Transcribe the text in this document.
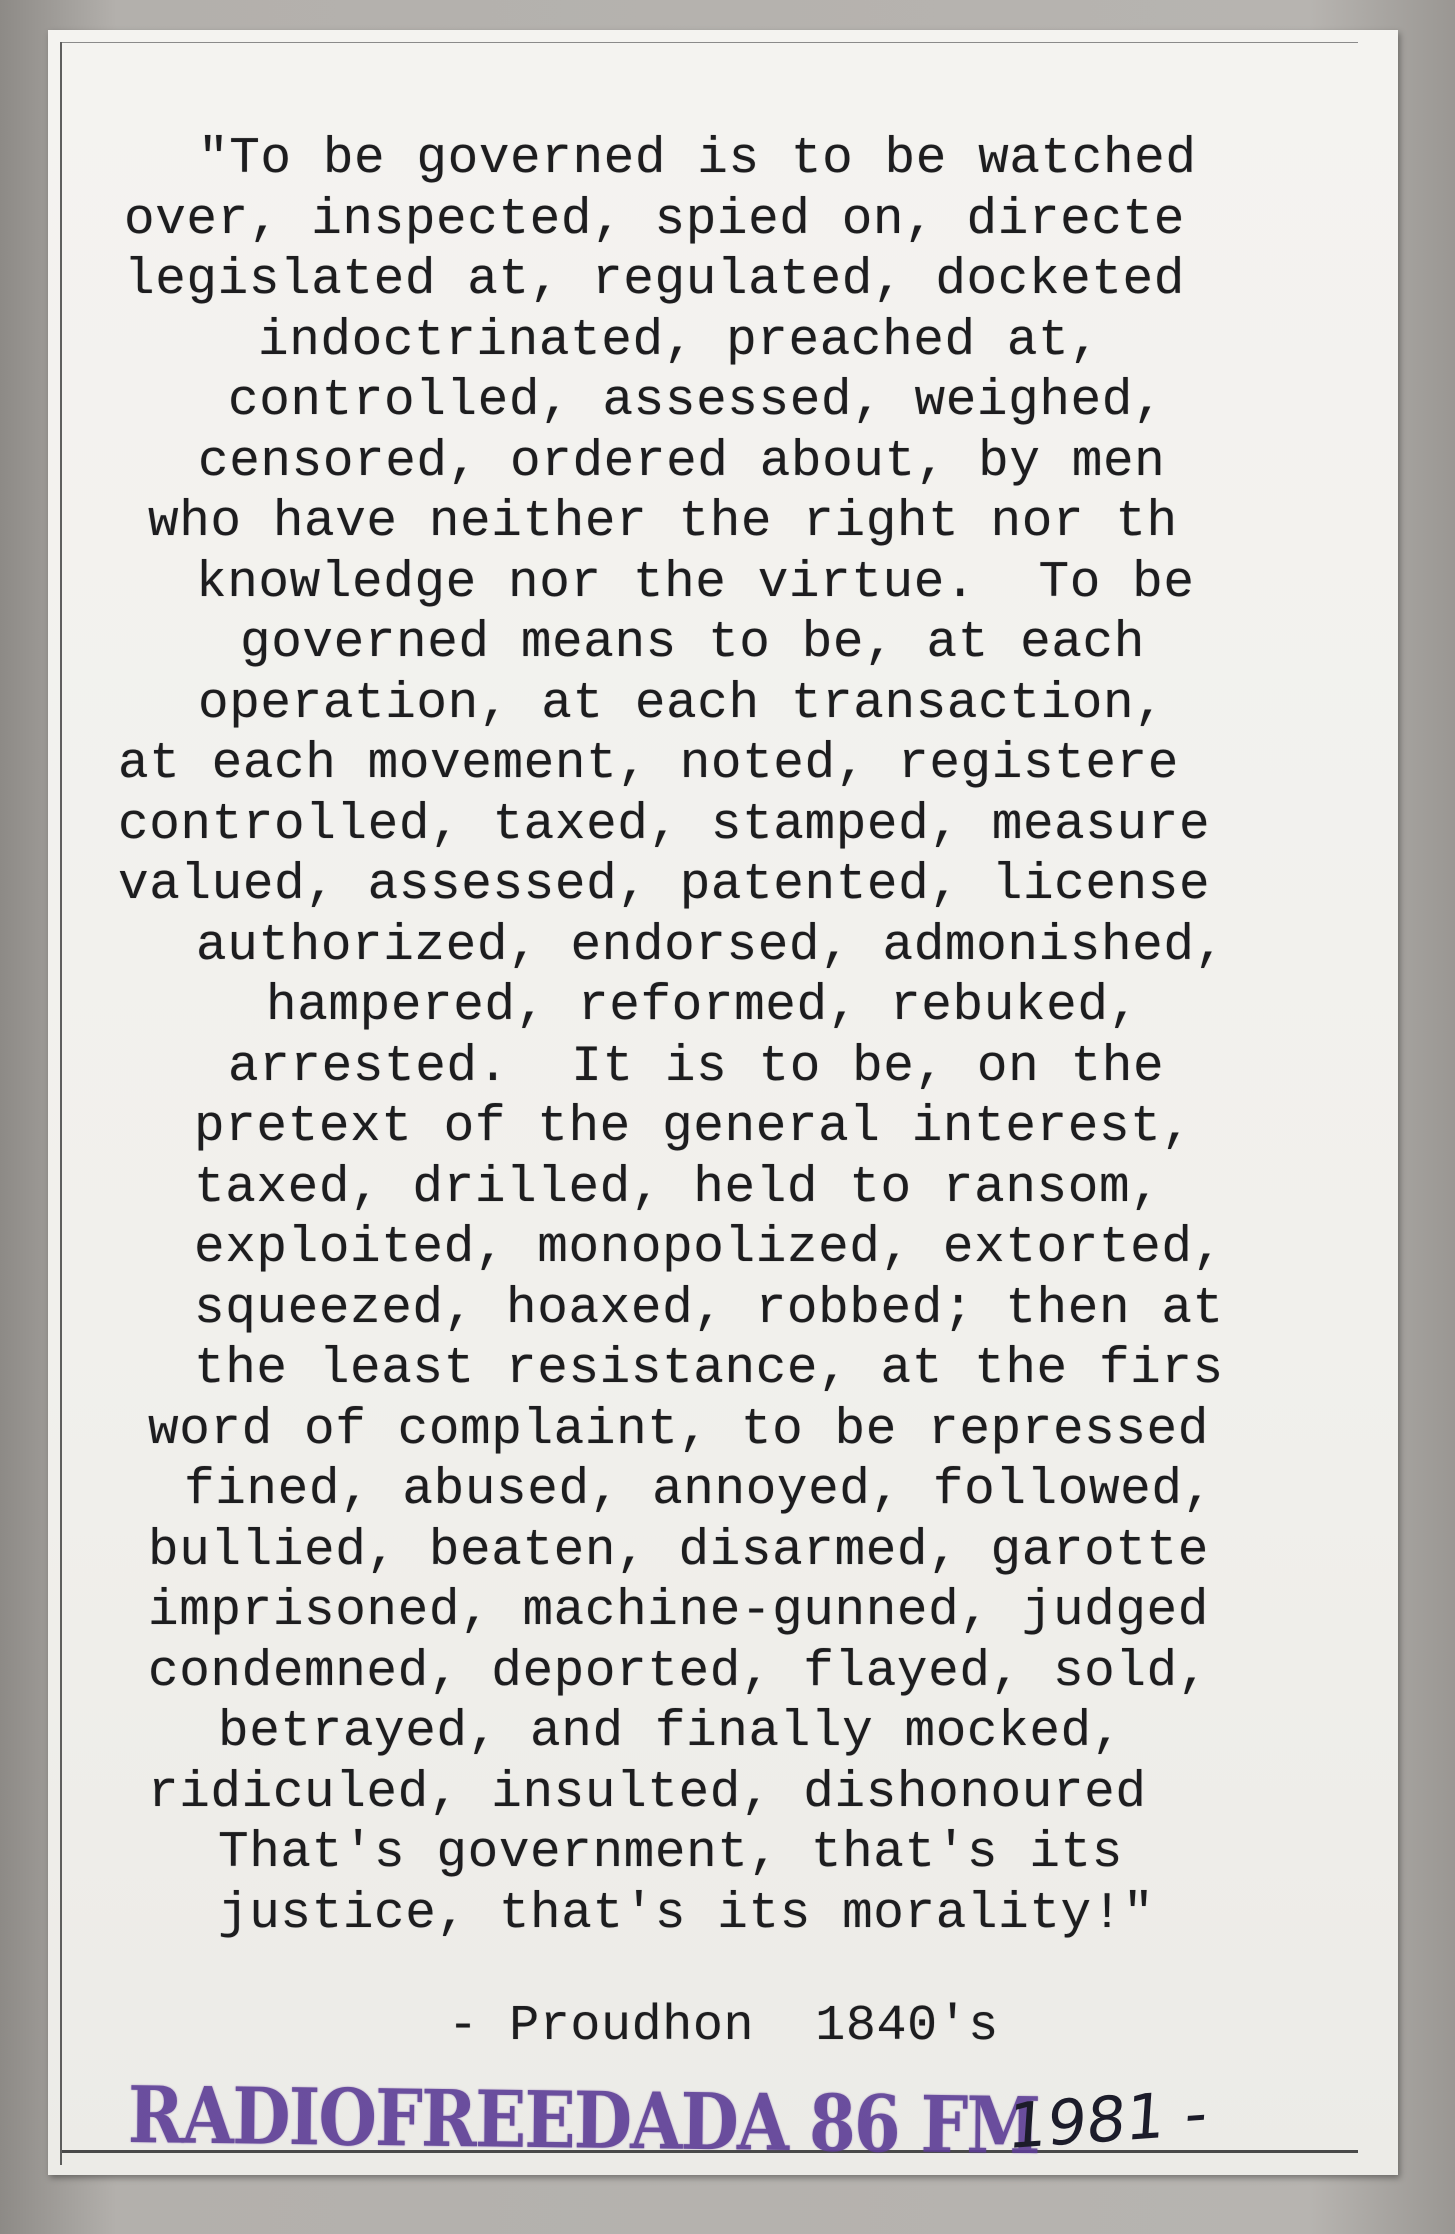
"To be governed is to be watched
over, inspected, spied on, directe
legislated at, regulated, docketed
indoctrinated, preached at,
controlled, assessed, weighed,
censored, ordered about, by men
who have neither the right nor th
knowledge nor the virtue.  To be
governed means to be, at each
operation, at each transaction,
at each movement, noted, registere
controlled, taxed, stamped, measure
valued, assessed, patented, license
authorized, endorsed, admonished,
hampered, reformed, rebuked,
arrested.  It is to be, on the
pretext of the general interest,
taxed, drilled, held to ransom,
exploited, monopolized, extorted,
squeezed, hoaxed, robbed; then at
the least resistance, at the firs
word of complaint, to be repressed
fined, abused, annoyed, followed,
bullied, beaten, disarmed, garotte
imprisoned, machine-gunned, judged
condemned, deported, flayed, sold,
betrayed, and finally mocked,
ridiculed, insulted, dishonoured
That's government, that's its
justice, that's its morality!"
- Proudhon  1840's
RADIOFREEDADA 86 FM
1981 -
